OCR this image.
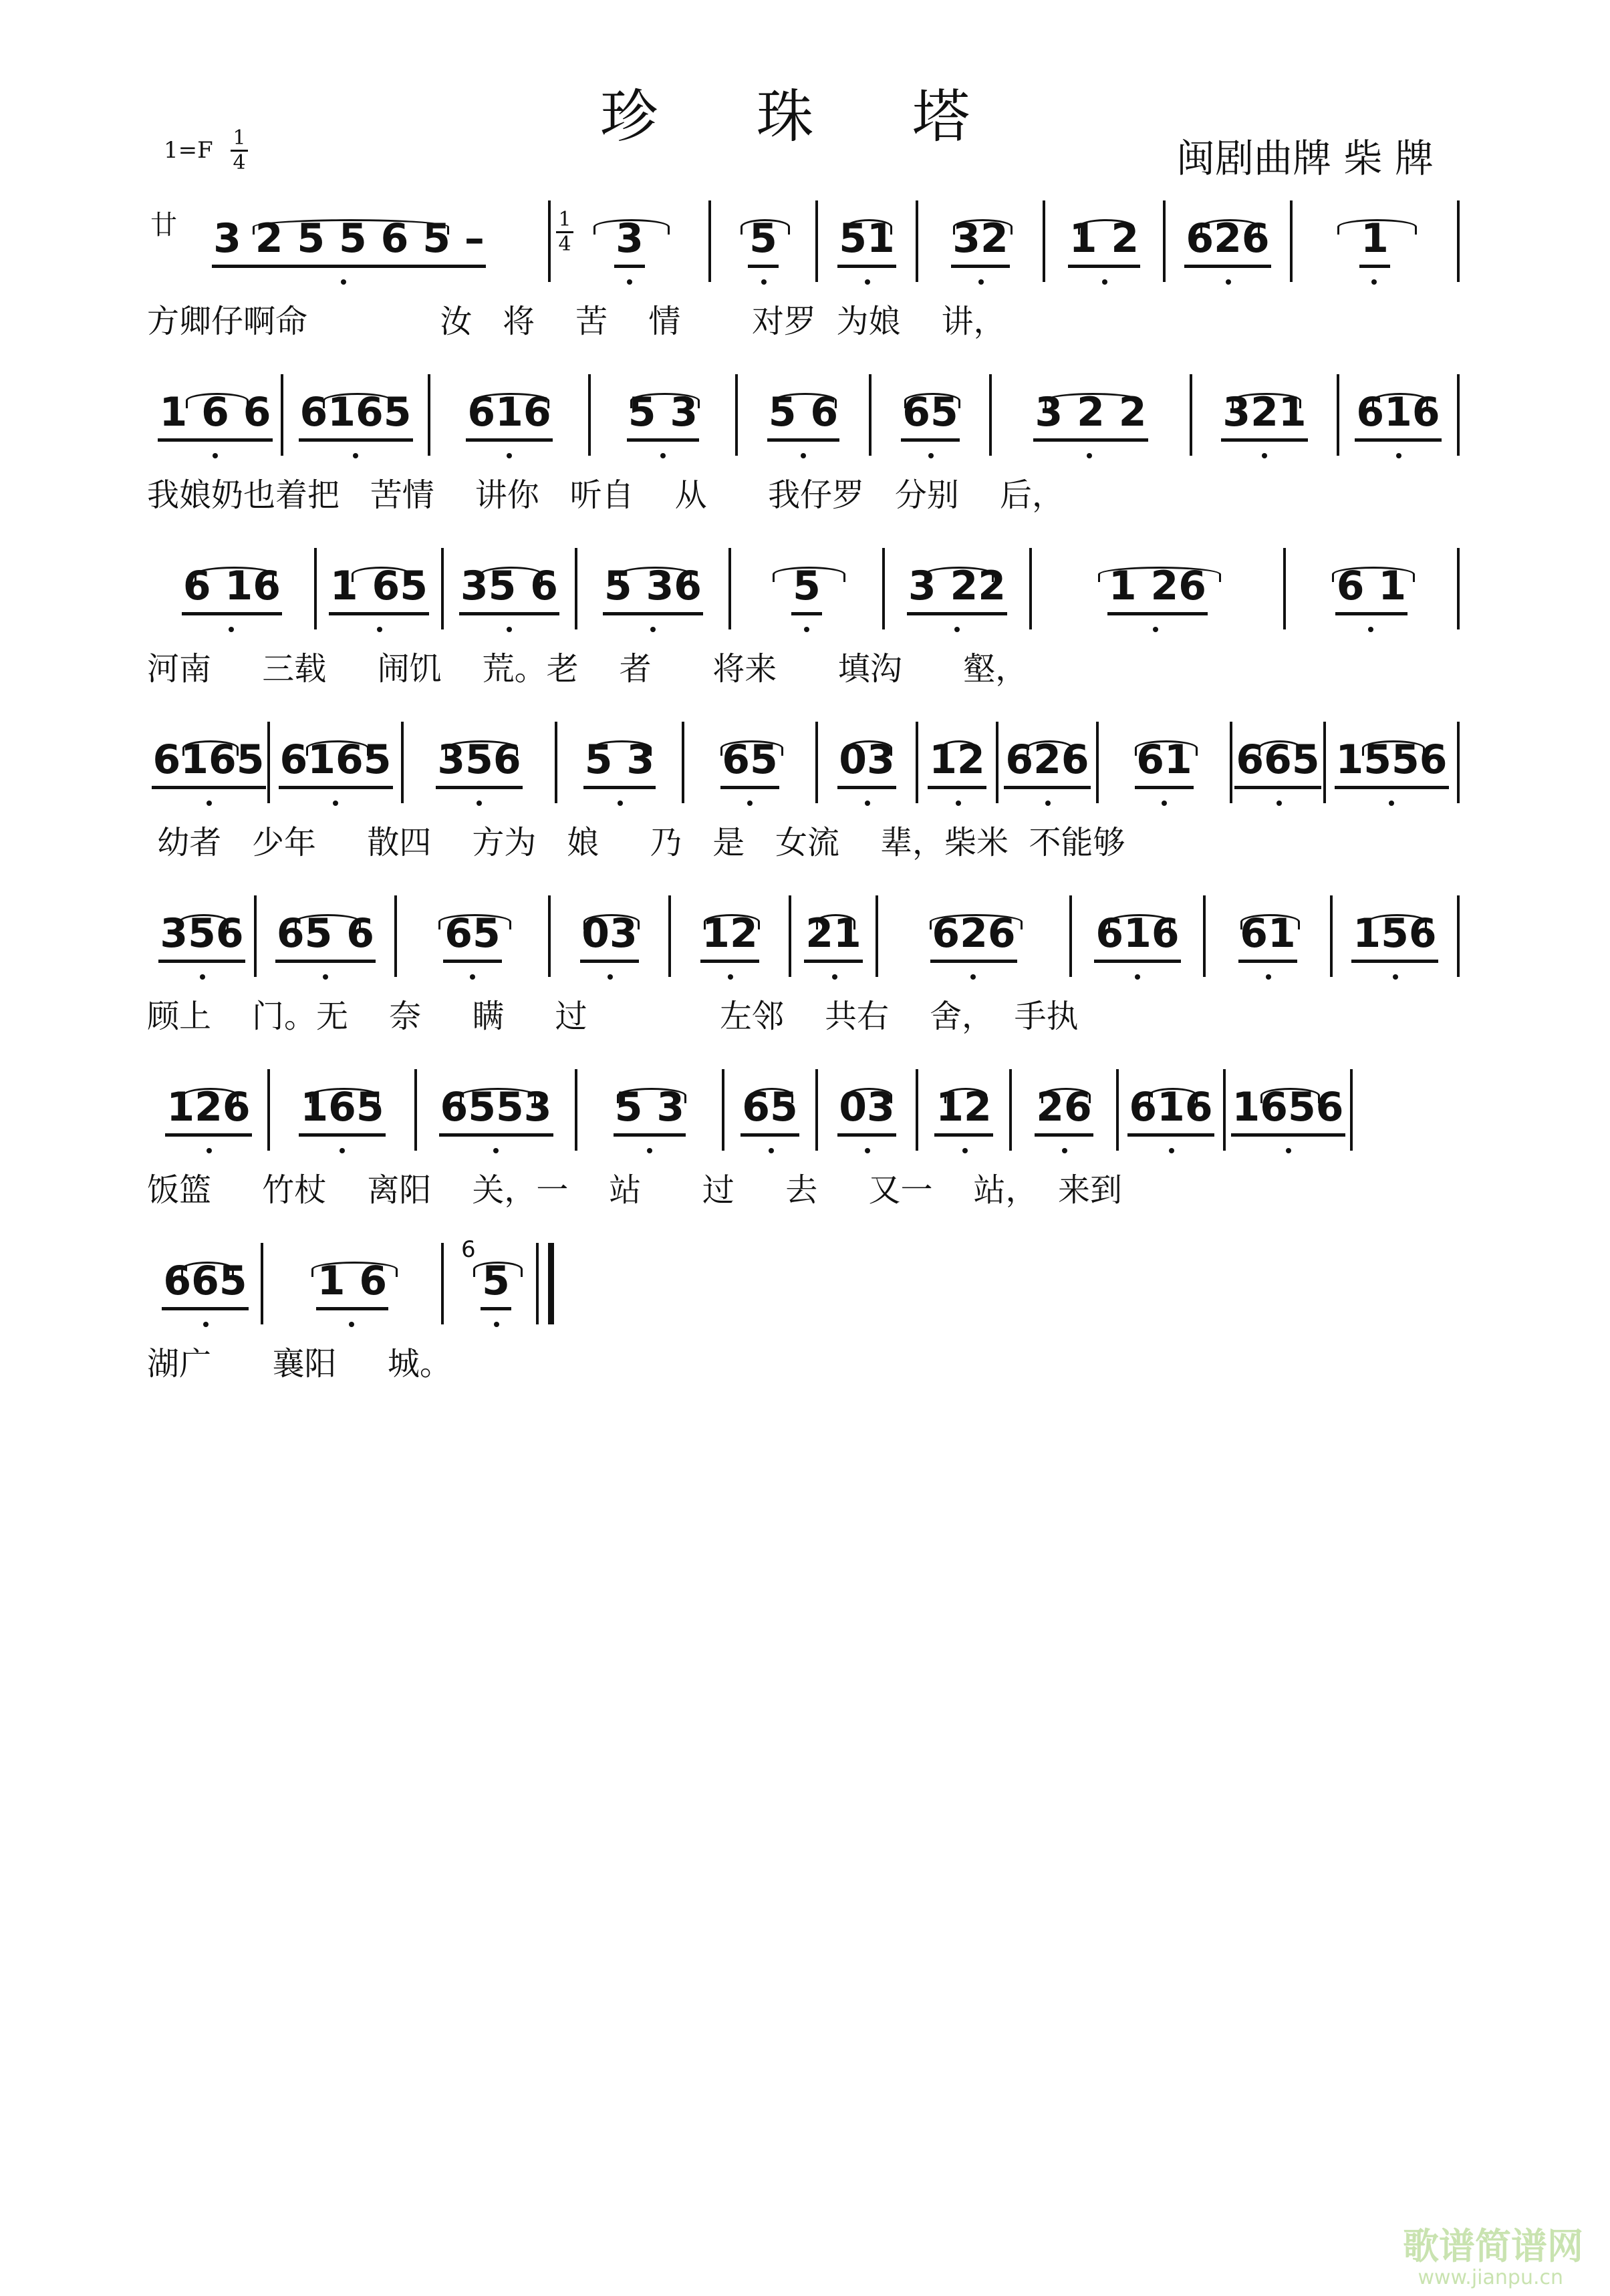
珍 珠 塔
闽剧曲牌 柴 牌
1=F 1
4
廿 3 2 5 5 6 5 –	3	5 51 32 1 2 626 1
方卿仔啊命             汝   将    苦    情       对罗  为娘    讲，
1
4
1 6 6 6165 616 5 3 5 6 65 3 2 2 321 616
我娘奶也着把   苦情    讲你   听自    从      我仔罗   分别    后，
6 16 1 65 35 6 5 36 5 3 22	1 26	6 1
河南     三载     闹饥    荒。老    者      将来      填沟      壑，
6165 6165 356 5 3 65 03 12 626 61 665 1556
幼者   少年     散四    方为   娘     乃   是   女流    辈，柴米  不能够
356 65 6 65 03 12 21 626 616 61 156
顾上    门。无    奈     瞒     过             左邻    共右    舍，  手执
126 165 6553 5 3 65 03 12 26 616 1656
饭篮     竹杖    离阳    关，一    站      过     去     又一    站，  来到
665 1 6 5
湖广      襄阳     城。
6
歌谱简谱网
www.jianpu.cn
